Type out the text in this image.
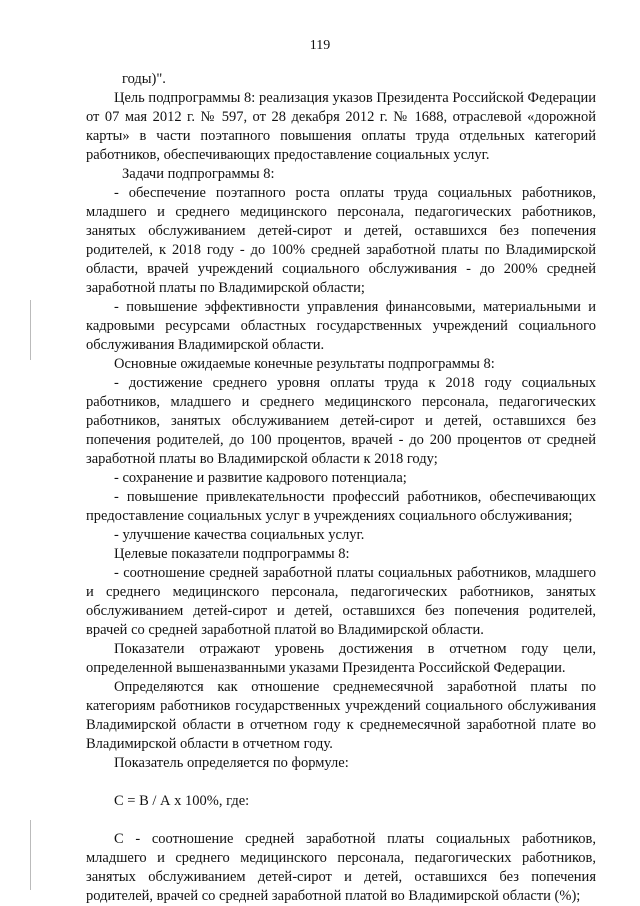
119

годы)".

Цель подпрограммы 8: реализация указов Президента Российской Федерации от 07 мая 2012 г. № 597, от 28 декабря 2012 г. № 1688, отраслевой «дорожной карты» в части поэтапного повышения оплаты труда отдельных категорий работников, обеспечивающих предоставление социальных услуг.

Задачи подпрограммы 8:

- обеспечение поэтапного роста оплаты труда социальных работников, младшего и среднего медицинского персонала, педагогических работников, занятых обслуживанием детей-сирот и детей, оставшихся без попечения родителей, к 2018 году - до 100% средней заработной платы по Владимирской области, врачей учреждений социального обслуживания - до 200% средней заработной платы по Владимирской области;

- повышение эффективности управления финансовыми, материальными и кадровыми ресурсами областных государственных учреждений социального обслуживания Владимирской области.

Основные ожидаемые конечные результаты подпрограммы 8:

- достижение среднего уровня оплаты труда к 2018 году социальных работников, младшего и среднего медицинского персонала, педагогических работников, занятых обслуживанием детей-сирот и детей, оставшихся без попечения родителей, до 100 процентов, врачей - до 200 процентов от средней заработной платы во Владимирской области к 2018 году;

- сохранение и развитие кадрового потенциала;

- повышение привлекательности профессий работников, обеспечивающих предоставление социальных услуг в учреждениях социального обслуживания;

- улучшение качества социальных услуг.

Целевые показатели подпрограммы 8:

- соотношение средней заработной платы социальных работников, младшего и среднего медицинского персонала, педагогических работников, занятых обслуживанием детей-сирот и детей, оставшихся без попечения родителей, врачей со средней заработной платой во Владимирской области.

Показатели отражают уровень достижения в отчетном году цели, определенной вышеназванными указами Президента Российской Федерации.

Определяются как отношение среднемесячной заработной платы по категориям работников государственных учреждений социального обслуживания Владимирской области в отчетном году к среднемесячной заработной плате во Владимирской области в отчетном году.

Показатель определяется по формуле:

С = В / А х 100%, где:

С - соотношение средней заработной платы социальных работников, младшего и среднего медицинского персонала, педагогических работников, занятых обслуживанием детей-сирот и детей, оставшихся без попечения родителей, врачей со средней заработной платой во Владимирской области (%);
